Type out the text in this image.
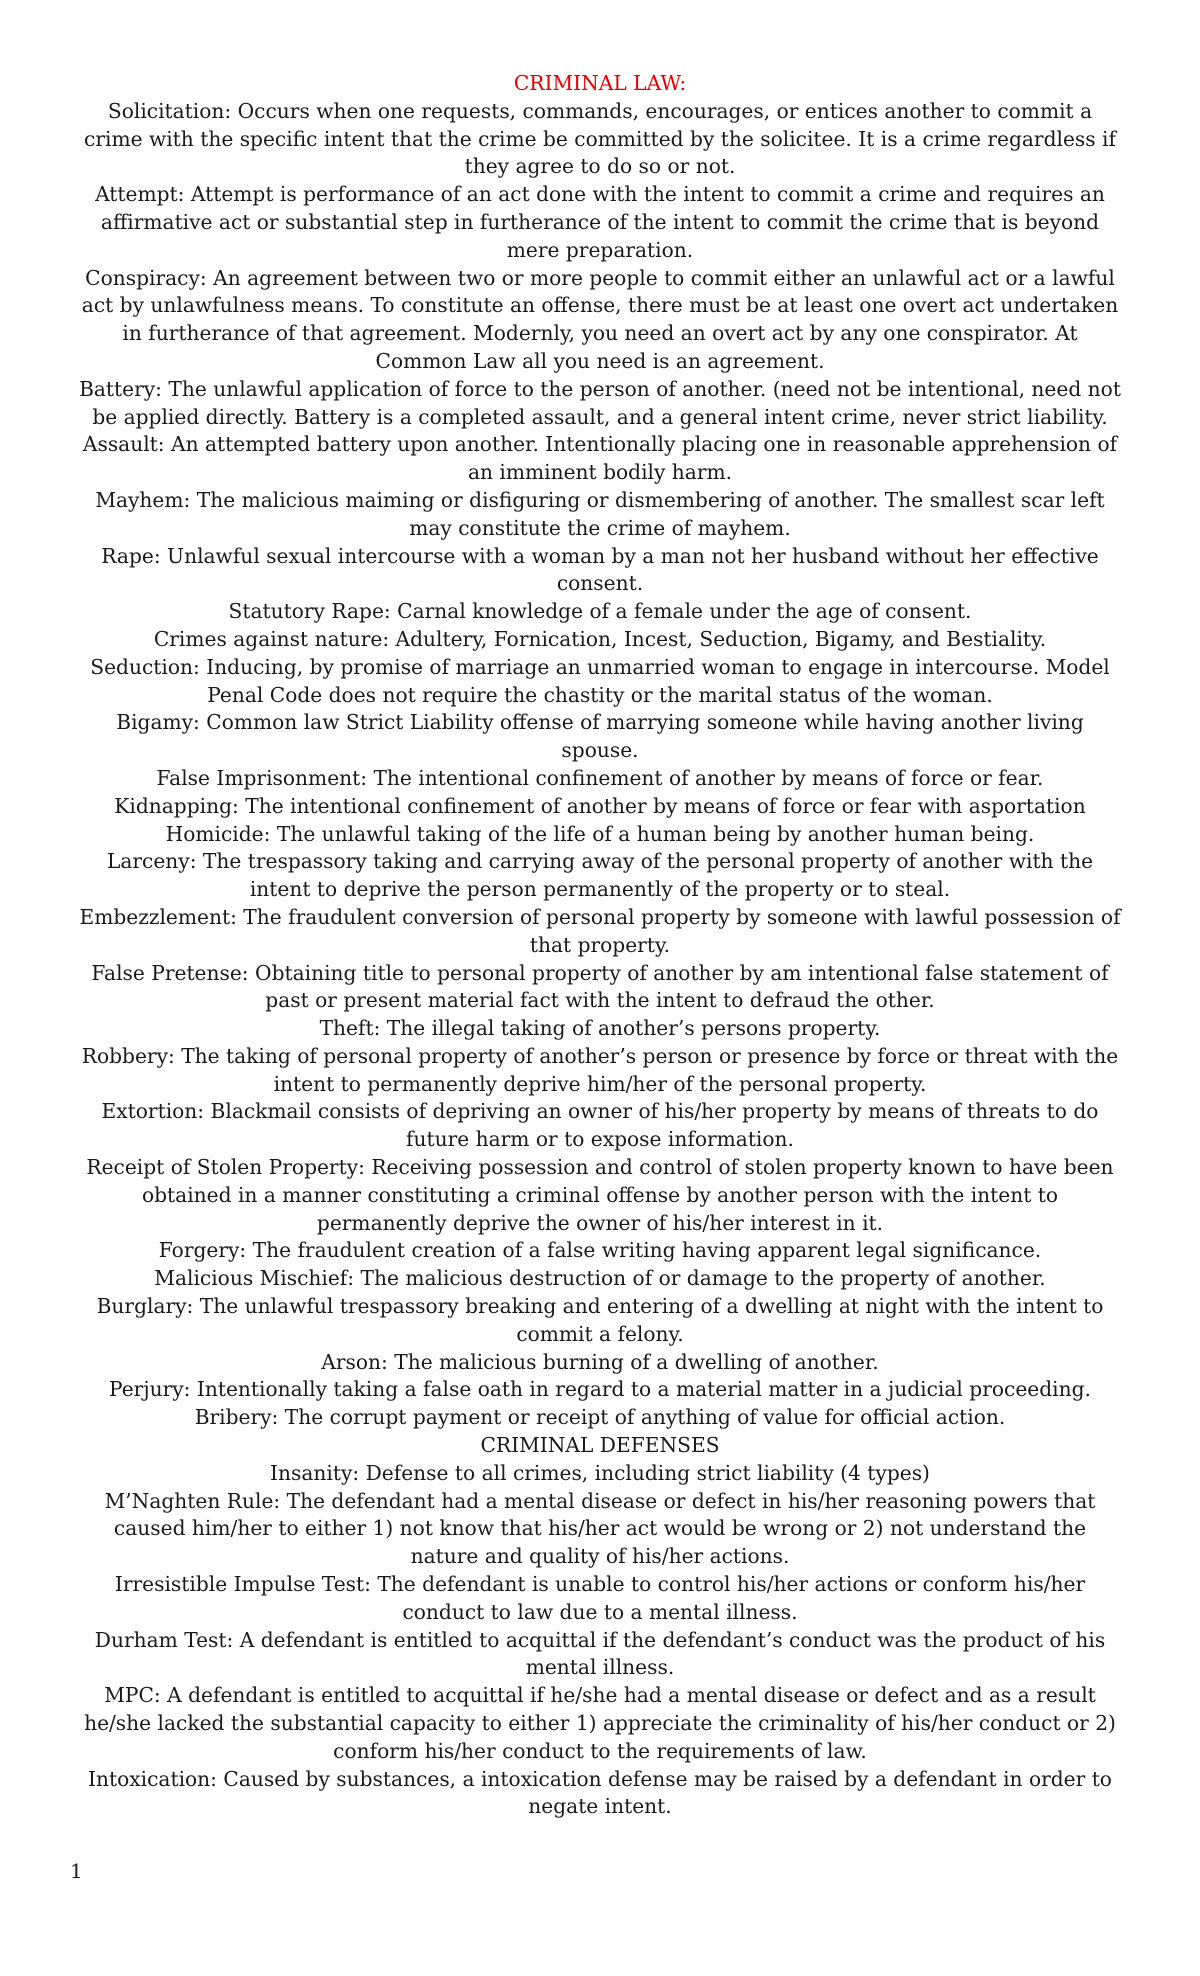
CRIMINAL LAW:

Solicitation: Occurs when one requests, commands, encourages, or entices another to commit a crime with the specific intent that the crime be committed by the solicitee. It is a crime regardless if they agree to do so or not.

Attempt: Attempt is performance of an act done with the intent to commit a crime and requires an affirmative act or substantial step in furtherance of the intent to commit the crime that is beyond mere preparation.

Conspiracy: An agreement between two or more people to commit either an unlawful act or a lawful act by unlawfulness means. To constitute an offense, there must be at least one overt act undertaken in furtherance of that agreement. Modernly, you need an overt act by any one conspirator. At Common Law all you need is an agreement.

Battery: The unlawful application of force to the person of another. (need not be intentional, need not be applied directly. Battery is a completed assault, and a general intent crime, never strict liability.

Assault: An attempted battery upon another. Intentionally placing one in reasonable apprehension of an imminent bodily harm.

Mayhem: The malicious maiming or disfiguring or dismembering of another. The smallest scar left may constitute the crime of mayhem.

Rape: Unlawful sexual intercourse with a woman by a man not her husband without her effective consent.

Statutory Rape: Carnal knowledge of a female under the age of consent.

Crimes against nature: Adultery, Fornication, Incest, Seduction, Bigamy, and Bestiality.

Seduction: Inducing, by promise of marriage an unmarried woman to engage in intercourse. Model Penal Code does not require the chastity or the marital status of the woman.

Bigamy: Common law Strict Liability offense of marrying someone while having another living spouse.

False Imprisonment: The intentional confinement of another by means of force or fear.

Kidnapping: The intentional confinement of another by means of force or fear with asportation

Homicide: The unlawful taking of the life of a human being by another human being.

Larceny: The trespassory taking and carrying away of the personal property of another with the intent to deprive the person permanently of the property or to steal.

Embezzlement: The fraudulent conversion of personal property by someone with lawful possession of that property.

False Pretense: Obtaining title to personal property of another by am intentional false statement of past or present material fact with the intent to defraud the other.

Theft: The illegal taking of another’s persons property.

Robbery: The taking of personal property of another’s person or presence by force or threat with the intent to permanently deprive him/her of the personal property.

Extortion: Blackmail consists of depriving an owner of his/her property by means of threats to do future harm or to expose information.

Receipt of Stolen Property: Receiving possession and control of stolen property known to have been obtained in a manner constituting a criminal offense by another person with the intent to permanently deprive the owner of his/her interest in it.

Forgery: The fraudulent creation of a false writing having apparent legal significance.

Malicious Mischief: The malicious destruction of or damage to the property of another.

Burglary: The unlawful trespassory breaking and entering of a dwelling at night with the intent to commit a felony.

Arson: The malicious burning of a dwelling of another.

Perjury: Intentionally taking a false oath in regard to a material matter in a judicial proceeding.

Bribery: The corrupt payment or receipt of anything of value for official action.

CRIMINAL DEFENSES

Insanity: Defense to all crimes, including strict liability (4 types)

M’Naghten Rule: The defendant had a mental disease or defect in his/her reasoning powers that caused him/her to either 1) not know that his/her act would be wrong or 2) not understand the nature and quality of his/her actions.

Irresistible Impulse Test: The defendant is unable to control his/her actions or conform his/her conduct to law due to a mental illness.

Durham Test: A defendant is entitled to acquittal if the defendant’s conduct was the product of his mental illness.

MPC: A defendant is entitled to acquittal if he/she had a mental disease or defect and as a result he/she lacked the substantial capacity to either 1) appreciate the criminality of his/her conduct or 2) conform his/her conduct to the requirements of law.

Intoxication: Caused by substances, a intoxication defense may be raised by a defendant in order to negate intent.

1
